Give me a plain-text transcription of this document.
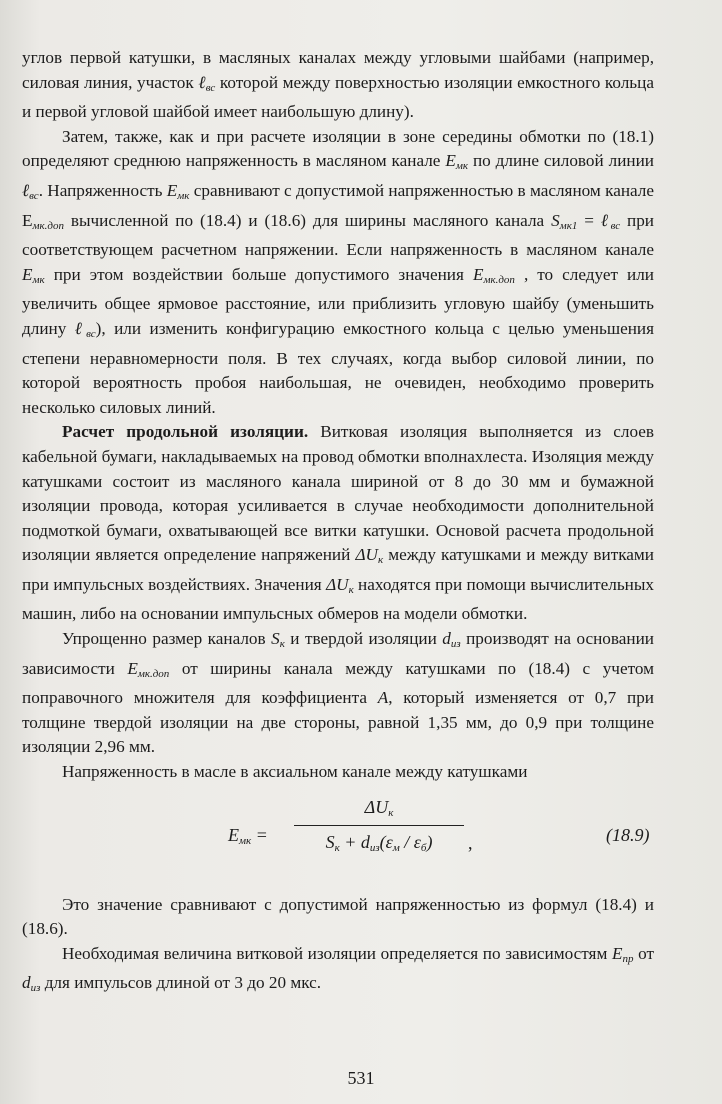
углов первой катушки, в масляных каналах между угловыми шайбами (например, силовая линия, участок ℓ$_{вс}$ которой между поверхностью изоляции емкостного кольца и первой угловой шайбой имеет наибольшую длину).

Затем, также, как и при расчете изоляции в зоне середины обмотки по (18.1) определяют среднюю напряженность в масляном канале $E_{мк}$ по длине силовой линии ℓ$_{вс}$. Напряженность $E_{мк}$ сравнивают с допустимой напряженностью в масляном канале $E_{мк.доп}$ вычисленной по (18.4) и (18.6) для ширины масляного канала $S_{мк1}$ = ℓ$_{вс}$ при соответствующем расчетном напряжении. Если напряженность в масляном канале $E_{мк}$ при этом воздействии больше допустимого значения $E_{мк.доп}$ , то следует или увеличить общее ярмовое расстояние, или приблизить угловую шайбу (уменьшить длину ℓ$_{вс}$), или изменить конфигурацию емкостного кольца с целью уменьшения степени неравномерности поля. В тех случаях, когда выбор силовой линии, по которой вероятность пробоя наибольшая, не очевиден, необходимо проверить несколько силовых линий.

Расчет продольной изоляции. Витковая изоляция выполняется из слоев кабельной бумаги, накладываемых на провод обмотки вполнахлеста. Изоляция между катушками состоит из масляного канала шириной от 8 до 30 мм и бумажной изоляции провода, которая усиливается в случае необходимости дополнительной подмоткой бумаги, охватывающей все витки катушки. Основой расчета продольной изоляции является определение напряжений $\Delta U_к$ между катушками и между витками при импульсных воздействиях. Значения $\Delta U_к$ находятся при помощи вычислительных машин, либо на основании импульсных обмеров на модели обмотки.

Упрощенно размер каналов $S_к$ и твердой изоляции $d_{из}$ производят на основании зависимости $E_{мк.доп}$ от ширины канала между катушками по (18.4) с учетом поправочного множителя для коэффициента A, который изменяется от 0,7 при толщине твердой изоляции на две стороны, равной 1,35 мм, до 0,9 при толщине изоляции 2,96 мм.

Напряженность в масле в аксиальном канале между катушками

$E_{мк}$ =
$\Delta U_к$
$S_к + d_{из}(\varepsilon_м / \varepsilon_б)$	,	(18.9)

Это значение сравнивают с допустимой напряженностью из формул (18.4) и (18.6).

Необходимая величина витковой изоляции определяется по зависимостям $E_{пр}$ от $d_{из}$ для импульсов длиной от 3 до 20 мкс.

531
